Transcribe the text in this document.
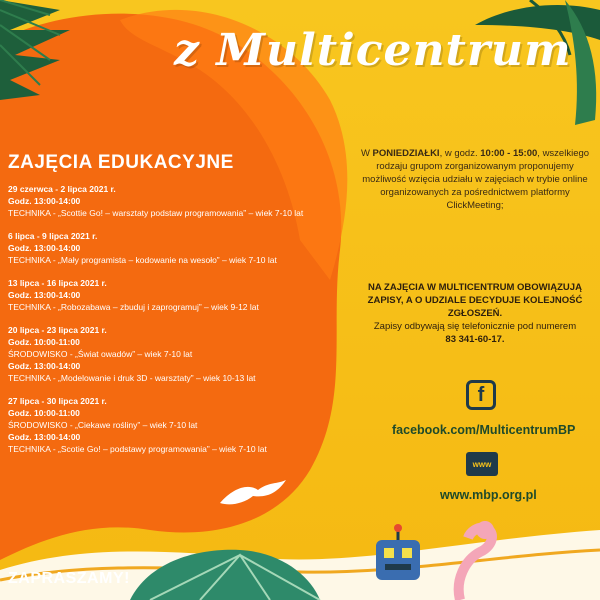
z Multicentrum
ZAJĘCIA EDUKACYJNE
29 czerwca - 2 lipca 2021 r.
Godz. 13:00-14:00
TECHNIKA - „Scottie Go! – warsztaty podstaw programowania” – wiek 7-10 lat
6 lipca - 9 lipca 2021 r.
Godz. 13:00-14:00
TECHNIKA - „Mały programista – kodowanie na wesoło” – wiek 7-10 lat
13 lipca - 16 lipca 2021 r.
Godz. 13:00-14:00
TECHNIKA - „Robozabawa – zbuduj i zaprogramuj” – wiek 9-12 lat
20 lipca - 23 lipca 2021 r.
Godz. 10:00-11:00
ŚRODOWISKO - „Świat owadów” – wiek 7-10 lat
Godz. 13:00-14:00
TECHNIKA - „Modelowanie i druk 3D - warsztaty” – wiek 10-13 lat
27 lipca - 30 lipca 2021 r.
Godz. 10:00-11:00
ŚRODOWISKO - „Ciekawe rośliny” – wiek 7-10 lat
Godz. 13:00-14:00
TECHNIKA - „Scotie Go! – podstawy programowania” – wiek 7-10 lat
W PONIEDZIAŁKI, w godz. 10:00 - 15:00, wszelkiego rodzaju grupom zorganizowanym proponujemy możliwość wzięcia udziału w zajęciach w trybie online organizowanych za pośrednictwem platformy ClickMeeting;
NA ZAJĘCIA W MULTICENTRUM OBOWIĄZUJĄ ZAPISY, A O UDZIALE DECYDUJE KOLEJNOŚĆ ZGŁOSZEŃ.
Zapisy odbywają się telefonicznie pod numerem
83 341-60-17.
f
facebook.com/MulticentrumBP
www
www.mbp.org.pl
ZAPRASZAMY!
